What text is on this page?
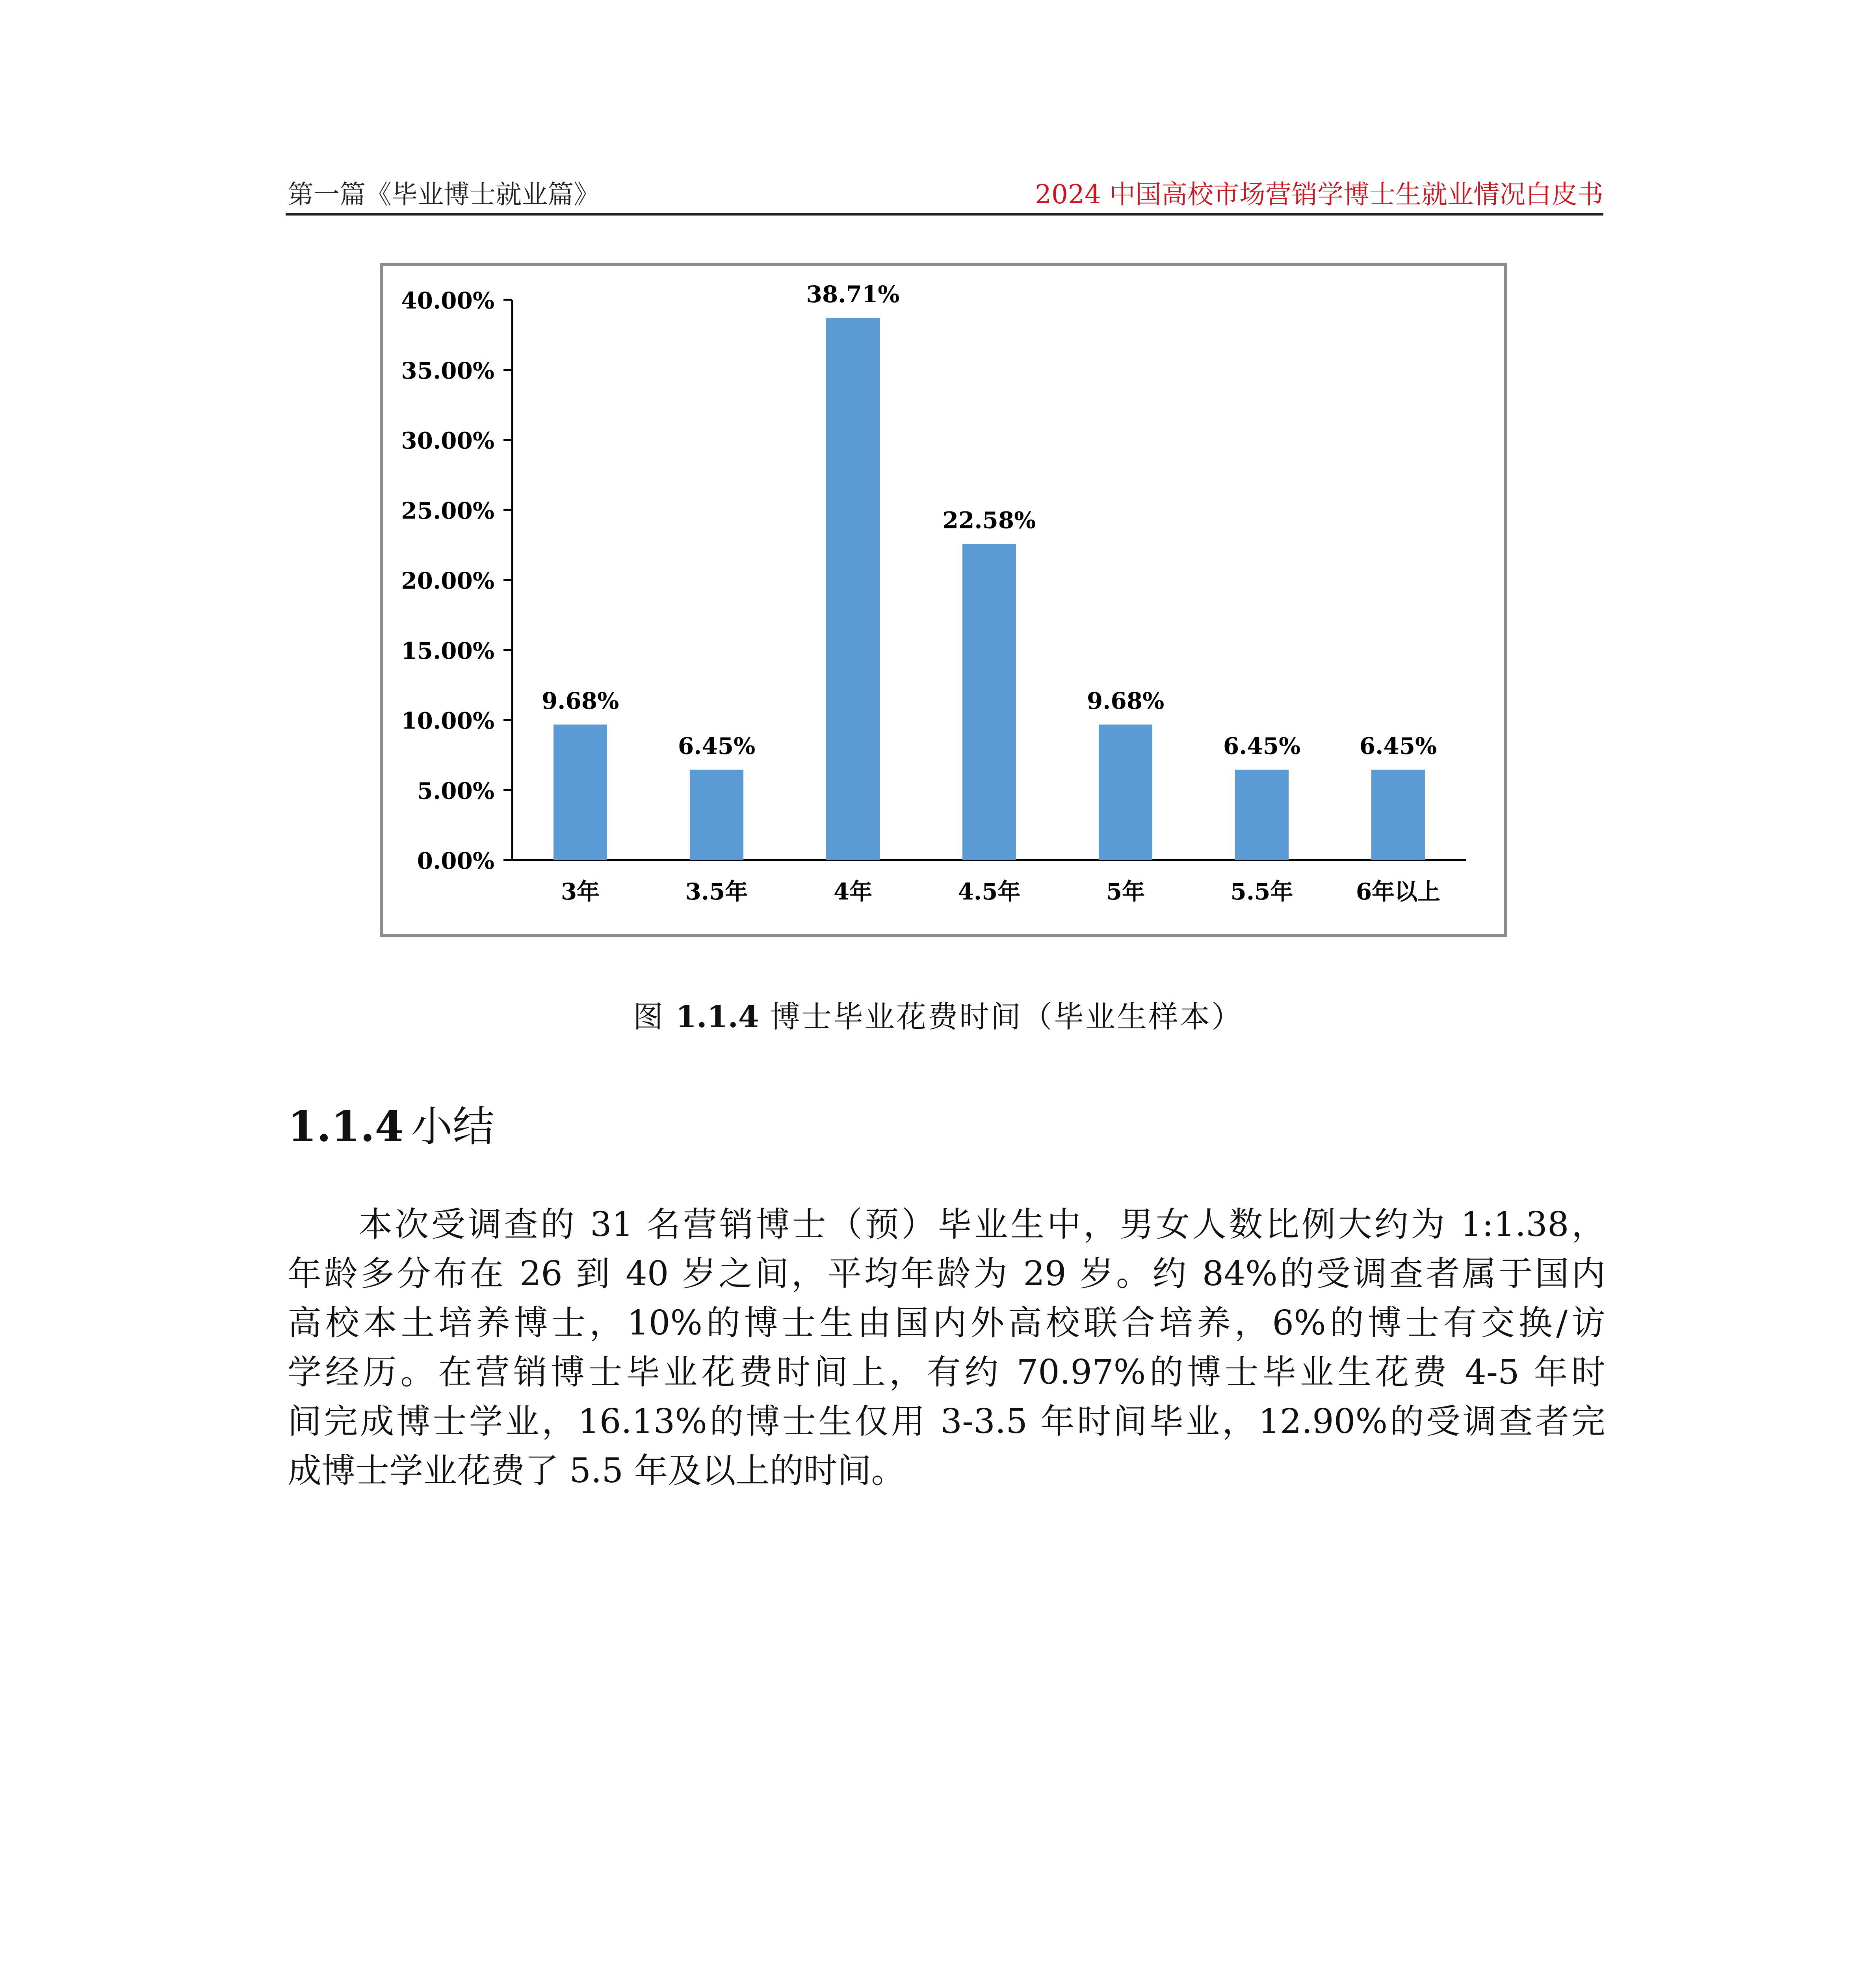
第一篇《毕业博士就业篇》	2024 中国高校市场营销学博士生就业情况白皮书
0.00%
5.00%
10.00%
15.00%
20.00%
25.00%
30.00%
35.00%
40.00%
9.68%
3年
6.45%
3.5年
38.71%
4年
22.58%
4.5年
9.68%
5年
6.45%
5.5年
6.45%
6年以上
图 1.1.4 博士毕业花费时间（毕业生样本）
1.1.4 小结
本次受调查的 31 名营销博士（预）毕业生中，男女人数比例大约为 1:1.38，
年龄多分布在 26 到 40 岁之间，平均年龄为 29 岁。约 84%的受调查者属于国内
高校本土培养博士，10%的博士生由国内外高校联合培养，6%的博士有交换/访
学经历。在营销博士毕业花费时间上，有约 70.97%的博士毕业生花费 4-5 年时
间完成博士学业，16.13%的博士生仅用 3-3.5 年时间毕业，12.90%的受调查者完
成博士学业花费了 5.5 年及以上的时间。
